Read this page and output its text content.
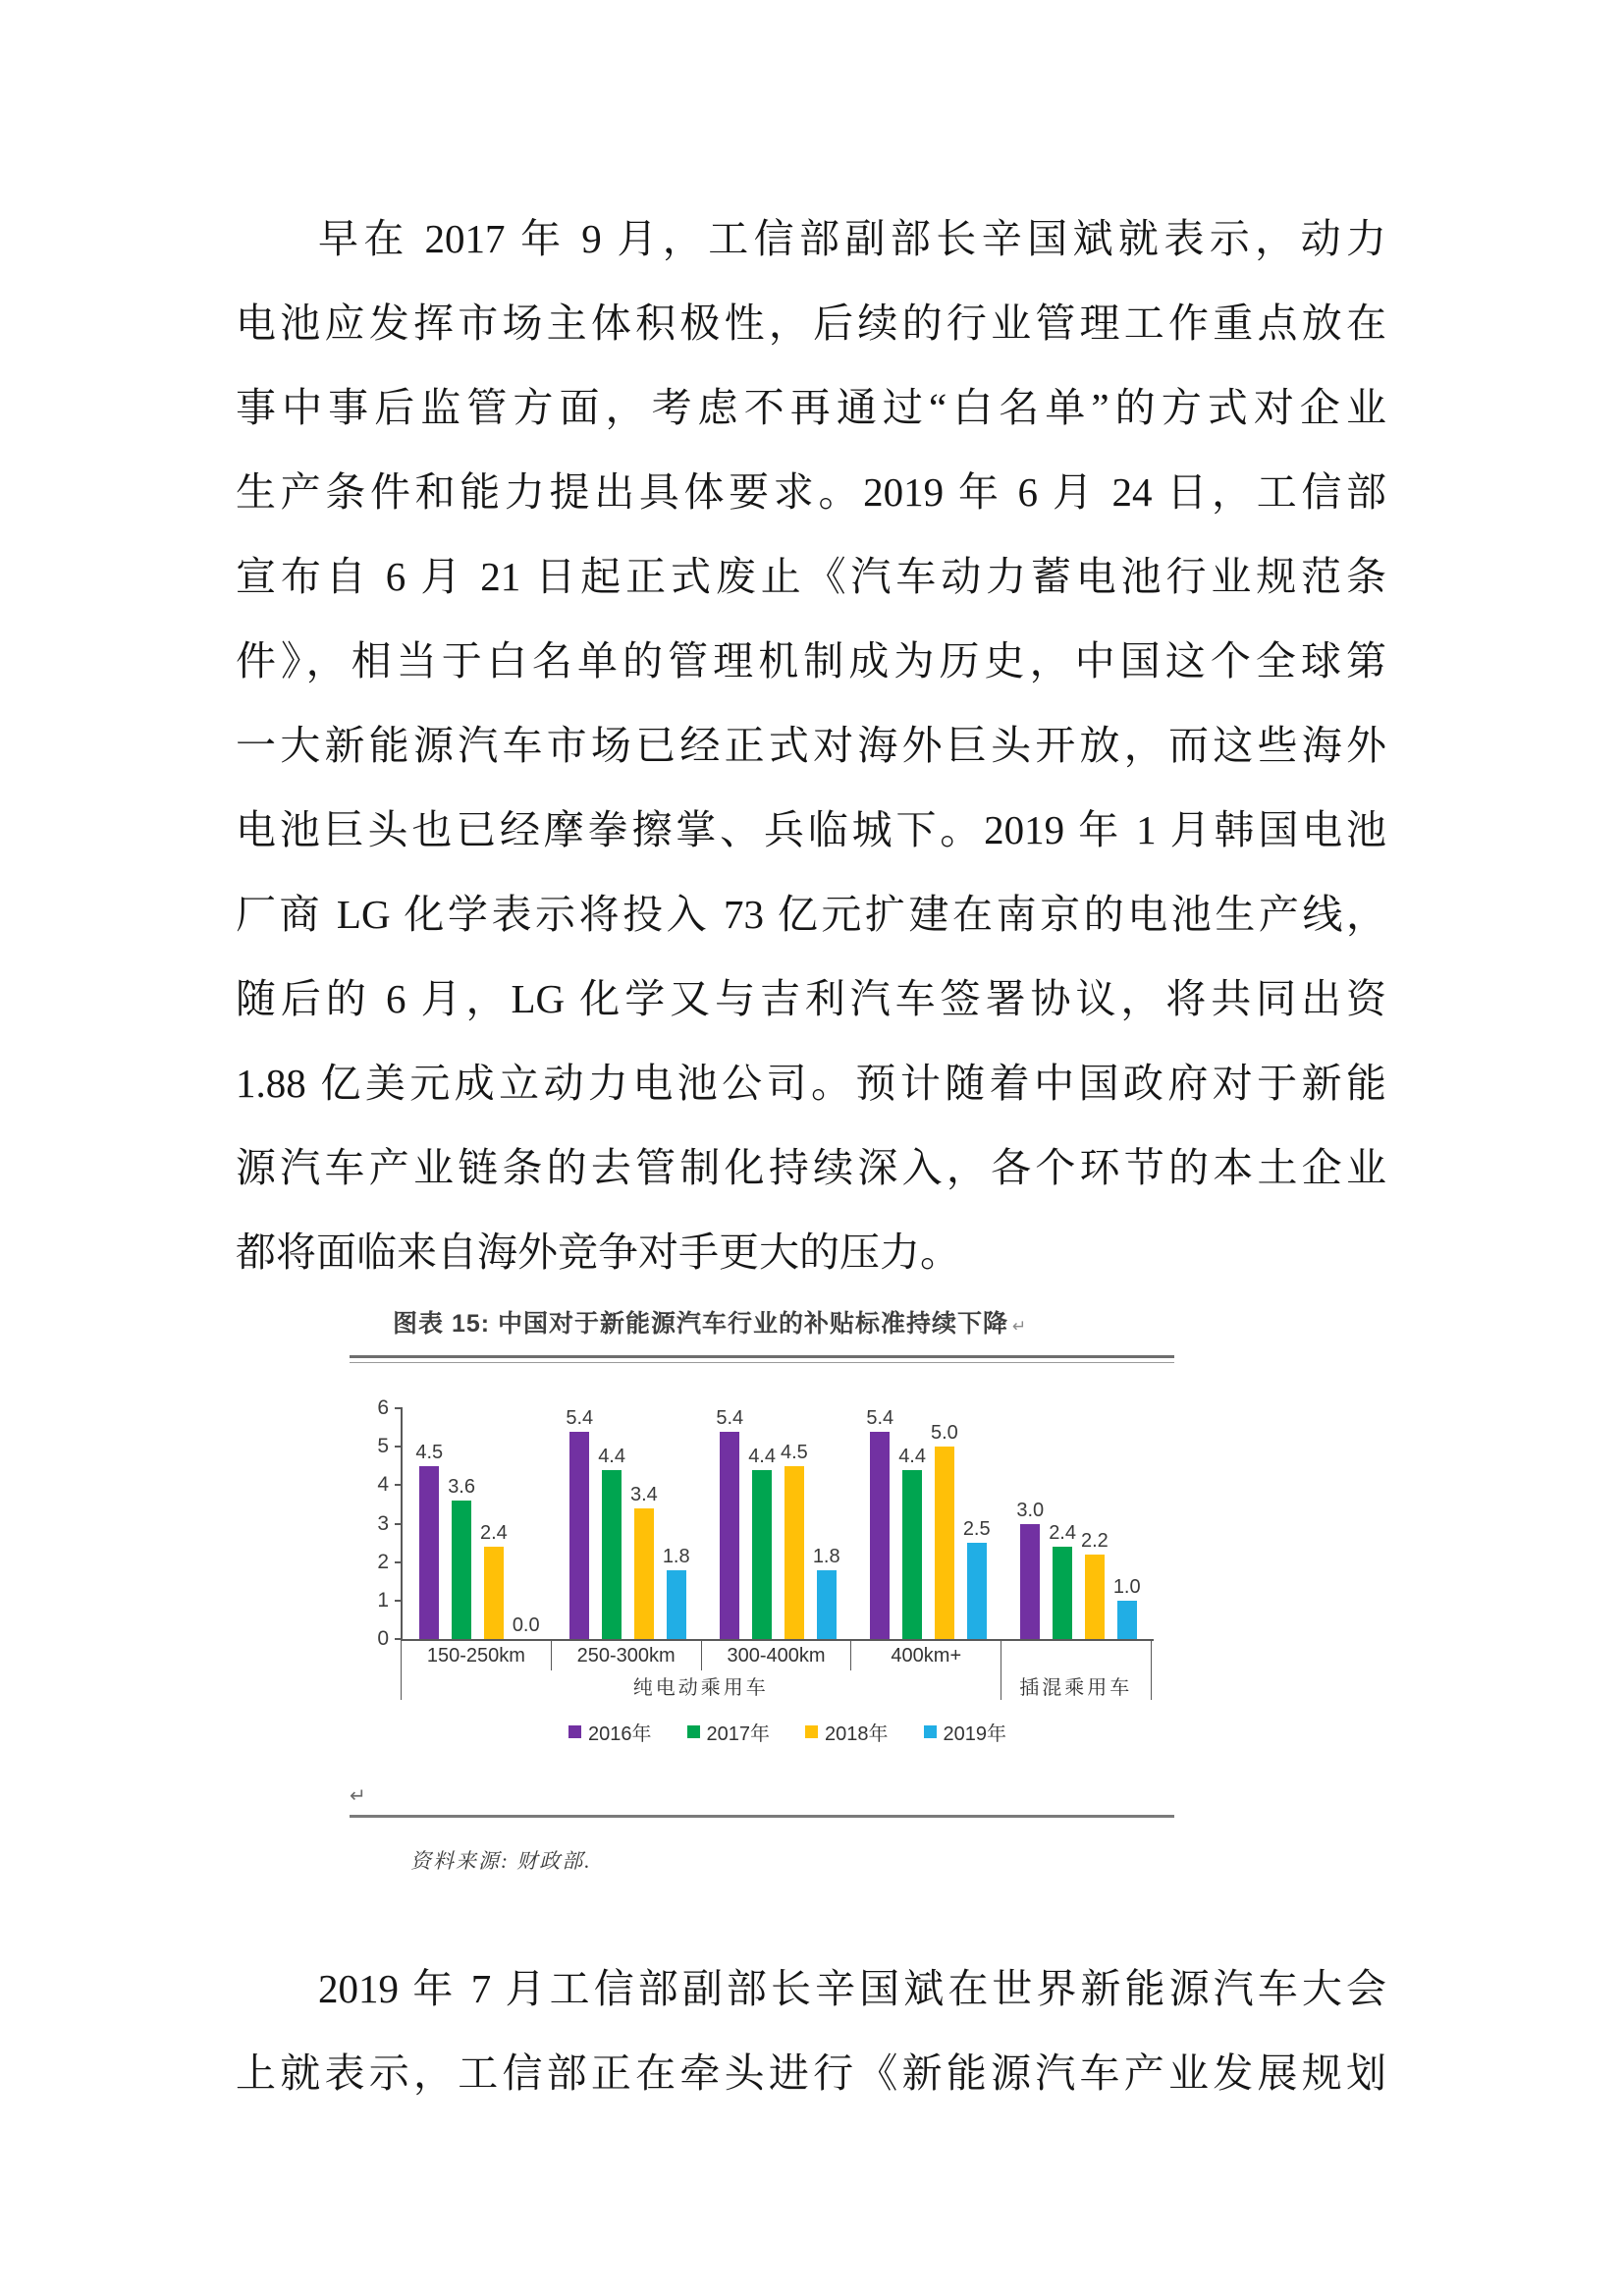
早在 2017 年 9 月，工信部副部长辛国斌就表示，动力
电池应发挥市场主体积极性，后续的行业管理工作重点放在
事中事后监管方面，考虑不再通过“白名单”的方式对企业
生产条件和能力提出具体要求。2019 年 6 月 24 日，工信部
宣布自 6 月 21 日起正式废止《汽车动力蓄电池行业规范条
件》，相当于白名单的管理机制成为历史，中国这个全球第
一大新能源汽车市场已经正式对海外巨头开放，而这些海外
电池巨头也已经摩拳擦掌、兵临城下。2019 年 1 月韩国电池
厂商 LG 化学表示将投入 73 亿元扩建在南京的电池生产线，
随后的 6 月，LG 化学又与吉利汽车签署协议，将共同出资
1.88 亿美元成立动力电池公司。预计随着中国政府对于新能
源汽车产业链条的去管制化持续深入，各个环节的本土企业
都将面临来自海外竞争对手更大的压力。
图表 15: 中国对于新能源汽车行业的补贴标准持续下降 ↵
0
1
2
3
4
5
6
4.5
3.6
2.4
0.0
5.4
4.4
3.4
1.8
5.4
4.4 4.5
1.8
5.4
4.4
5.0
2.5
3.0
2.4 2.2
1.0
150-250km	250-300km	300-400km	400km+
纯电动乘用车	插混乘用车
2016年	2017年	2018年	2019年
↵
资料来源: 财政部.
2019 年 7 月工信部副部长辛国斌在世界新能源汽车大会
上就表示，工信部正在牵头进行《新能源汽车产业发展规划
